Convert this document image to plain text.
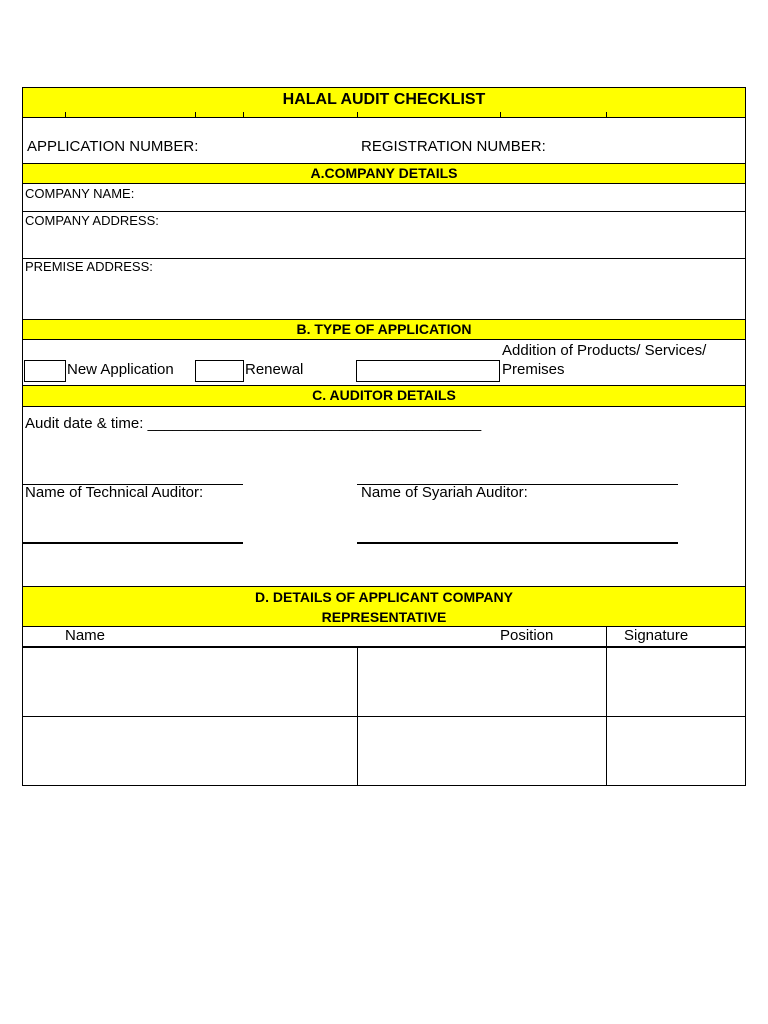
HALAL AUDIT CHECKLIST
APPLICATION NUMBER:	REGISTRATION NUMBER:
A.COMPANY DETAILS
COMPANY NAME:
COMPANY ADDRESS:
PREMISE ADDRESS:
B. TYPE OF APPLICATION
New Application	Renewal
Addition of Products/ Services/
Premises
C. AUDITOR DETAILS
Audit date & time: ________________________________________
Name of Technical Auditor:	Name of Syariah Auditor:
D. DETAILS OF APPLICANT COMPANY
REPRESENTATIVE
Name	Position	Signature
